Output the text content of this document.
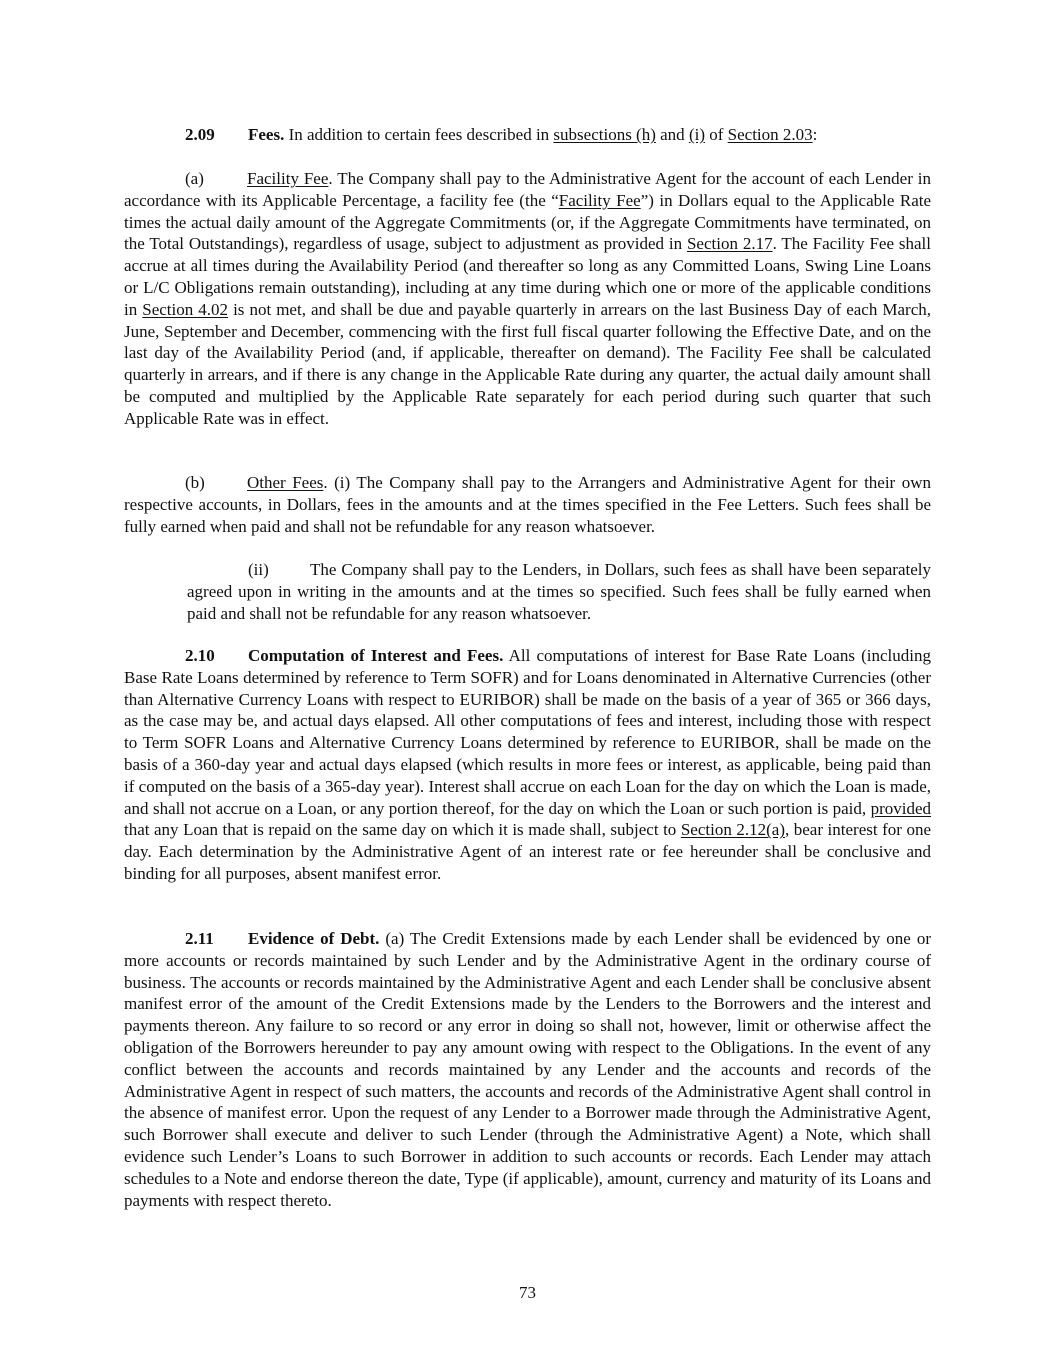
2.09 Fees. In addition to certain fees described in subsections (h) and (i) of Section 2.03:

(a)	Facility Fee. The Company shall pay to the Administrative Agent for the account of each Lender in accordance with its Applicable Percentage, a facility fee (the “Facility Fee”) in Dollars equal to the Applicable Rate times the actual daily amount of the Aggregate Commitments (or, if the Aggregate Commitments have terminated, on the Total Outstandings), regardless of usage, subject to adjustment as provided in Section 2.17. The Facility Fee shall accrue at all times during the Availability Period (and thereafter so long as any Committed Loans, Swing Line Loans or L/C Obligations remain outstanding), including at any time during which one or more of the applicable conditions in Section 4.02 is not met, and shall be due and payable quarterly in arrears on the last Business Day of each March, June, September and December, commencing with the first full fiscal quarter following the Effective Date, and on the last day of the Availability Period (and, if applicable, thereafter on demand). The Facility Fee shall be calculated quarterly in arrears, and if there is any change in the Applicable Rate during any quarter, the actual daily amount shall be computed and multiplied by the Applicable Rate separately for each period during such quarter that such Applicable Rate was in effect.

(b) Other Fees. (i) The Company shall pay to the Arrangers and Administrative Agent for their own respective accounts, in Dollars, fees in the amounts and at the times specified in the Fee Letters. Such fees shall be fully earned when paid and shall not be refundable for any reason whatsoever.

(ii) The Company shall pay to the Lenders, in Dollars, such fees as shall have been separately agreed upon in writing in the amounts and at the times so specified. Such fees shall be fully earned when paid and shall not be refundable for any reason whatsoever.

2.10 Computation of Interest and Fees. All computations of interest for Base Rate Loans (including Base Rate Loans determined by reference to Term SOFR) and for Loans denominated in Alternative Currencies (other than Alternative Currency Loans with respect to EURIBOR) shall be made on the basis of a year of 365 or 366 days, as the case may be, and actual days elapsed. All other computations of fees and interest, including those with respect to Term SOFR Loans and Alternative Currency Loans determined by reference to EURIBOR, shall be made on the basis of a 360-day year and actual days elapsed (which results in more fees or interest, as applicable, being paid than if computed on the basis of a 365-day year). Interest shall accrue on each Loan for the day on which the Loan is made, and shall not accrue on a Loan, or any portion thereof, for the day on which the Loan or such portion is paid, provided that any Loan that is repaid on the same day on which it is made shall, subject to Section 2.12(a), bear interest for one day. Each determination by the Administrative Agent of an interest rate or fee hereunder shall be conclusive and binding for all purposes, absent manifest error.

2.11 Evidence of Debt. (a) The Credit Extensions made by each Lender shall be evidenced by one or more accounts or records maintained by such Lender and by the Administrative Agent in the ordinary course of business. The accounts or records maintained by the Administrative Agent and each Lender shall be conclusive absent manifest error of the amount of the Credit Extensions made by the Lenders to the Borrowers and the interest and payments thereon. Any failure to so record or any error in doing so shall not, however, limit or otherwise affect the obligation of the Borrowers hereunder to pay any amount owing with respect to the Obligations. In the event of any conflict between the accounts and records maintained by any Lender and the accounts and records of the Administrative Agent in respect of such matters, the accounts and records of the Administrative Agent shall control in the absence of manifest error. Upon the request of any Lender to a Borrower made through the Administrative Agent, such Borrower shall execute and deliver to such Lender (through the Administrative Agent) a Note, which shall evidence such Lender’s Loans to such Borrower in addition to such accounts or records. Each Lender may attach schedules to a Note and endorse thereon the date, Type (if applicable), amount, currency and maturity of its Loans and payments with respect thereto.

73
